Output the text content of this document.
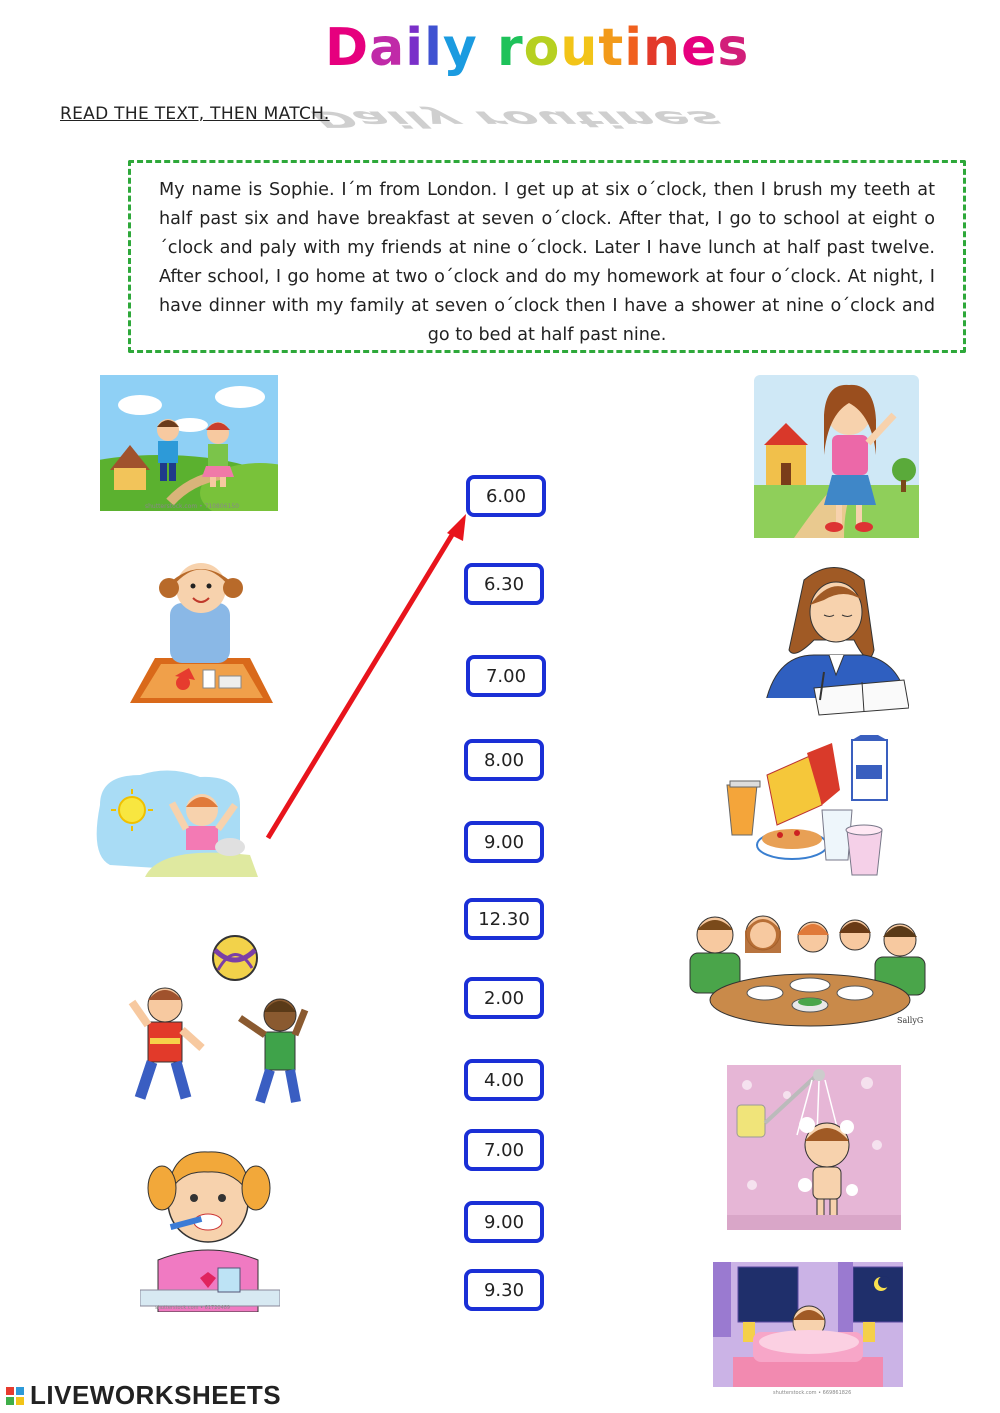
Daily routines
Daily routines
READ THE TEXT, THEN MATCH.
My name is Sophie. I´m from London. I get up at six o´clock, then I brush my teeth at half past six and have breakfast at seven o´clock. After that, I go to school at eight o´clock and paly with my friends at nine o´clock. Later I have lunch at half past twelve. After school, I go home at two o´clock and do my homework at four o´clock. At night, I have dinner with my family at seven o´clock then I have a shower at nine o´clock and go to bed at half past nine.
6.00
6.30
7.00
8.00
9.00
12.30
2.00
4.00
7.00
9.00
9.30
shutterstock.com • 710806150
shutterstock.com • 61720489
SallyG
shutterstock.com • 669861826
LIVEWORKSHEETS
